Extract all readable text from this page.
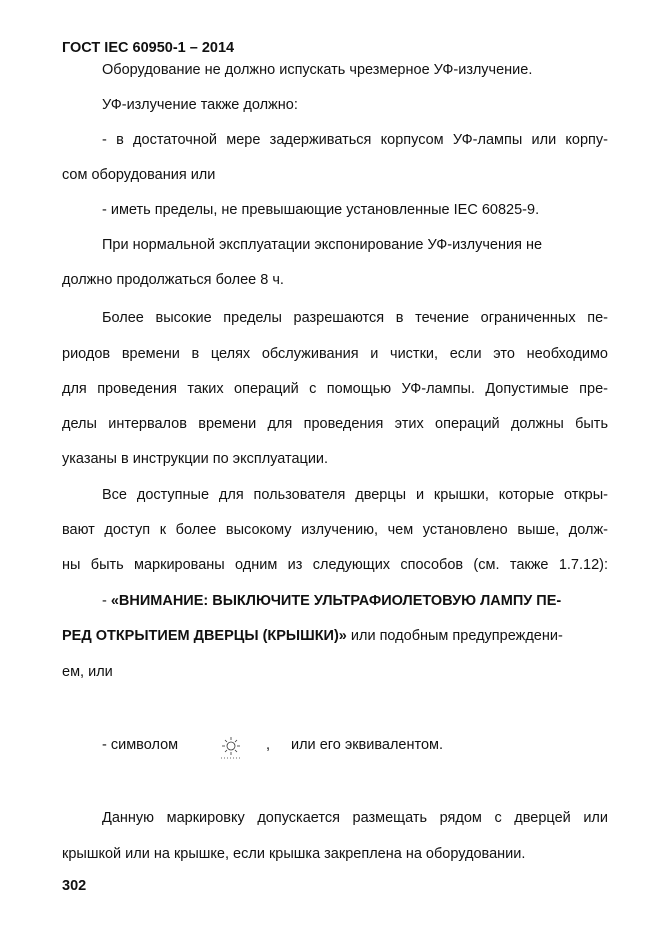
ГОСТ IEC 60950-1 – 2014
Оборудование не должно испускать чрезмерное УФ-излучение.
УФ-излучение также должно:
- в достаточной мере задерживаться корпусом УФ-лампы или корпу-
сом оборудования или
- иметь пределы, не превышающие установленные IEC 60825-9.
При нормальной эксплуатации экспонирование УФ-излучения не
должно продолжаться более 8 ч.
Более высокие пределы разрешаются в течение ограниченных пе-
риодов времени в целях обслуживания и чистки, если это необходимо
для проведения таких операций с помощью УФ-лампы. Допустимые пре-
делы интервалов времени для проведения этих операций должны быть
указаны в инструкции по эксплуатации.
Все доступные для пользователя дверцы и крышки, которые откры-
вают доступ к более высокому излучению, чем установлено выше, долж-
ны быть маркированы одним из следующих способов (см. также 1.7.12):
- «ВНИМАНИЕ: ВЫКЛЮЧИТЕ УЛЬТРАФИОЛЕТОВУЮ ЛАМПУ ПЕ-
РЕД ОТКРЫТИЕМ ДВЕРЦЫ (КРЫШКИ)» или подобным предупреждени-
ем, или
- символом	, или его эквивалентом.
Данную маркировку допускается размещать рядом с дверцей или
крышкой или на крышке, если крышка закреплена на оборудовании.
302
